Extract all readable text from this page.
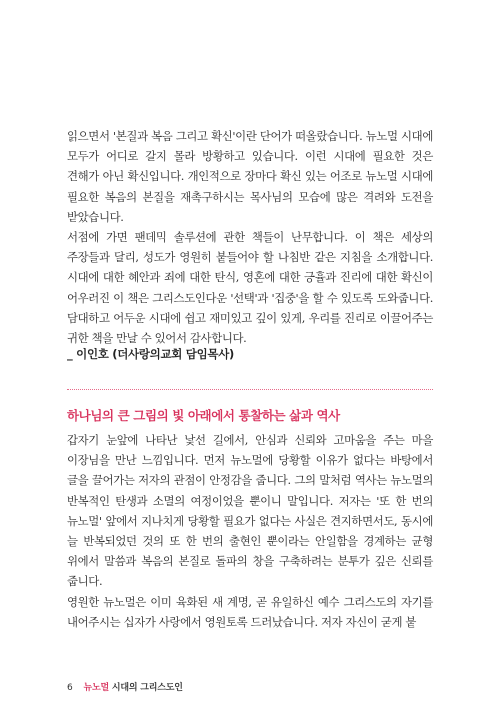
읽으면서 '본질과 복음 그리고 확신'이란 단어가 떠올랐습니다. 뉴노멀 시대에 모두가 어디로 갈지 몰라 방황하고 있습니다. 이런 시대에 필요한 것은 견해가 아닌 확신입니다. 개인적으로 장마다 확신 있는 어조로 뉴노멀 시대에 필요한 복음의 본질을 재촉구하시는 목사님의 모습에 많은 격려와 도전을 받았습니다.

서점에 가면 팬데믹 솔루션에 관한 책들이 난무합니다. 이 책은 세상의 주장들과 달리, 성도가 영원히 붙들어야 할 나침반 같은 지침을 소개합니다. 시대에 대한 혜안과 죄에 대한 탄식, 영혼에 대한 긍휼과 진리에 대한 확신이 어우러진 이 책은 그리스도인다운 '선택'과 '집중'을 할 수 있도록 도와줍니다. 담대하고 어두운 시대에 쉽고 재미있고 깊이 있게, 우리를 진리로 이끌어주는 귀한 책을 만날 수 있어서 감사합니다.

_ 이인호 (더사랑의교회 담임목사)
하나님의 큰 그림의 빛 아래에서 통찰하는 삶과 역사

갑자기 눈앞에 나타난 낯선 길에서, 안심과 신뢰와 고마움을 주는 마을 이장님을 만난 느낌입니다. 먼저 뉴노멀에 당황할 이유가 없다는 바탕에서 글을 끌어가는 저자의 관점이 안정감을 줍니다. 그의 말처럼 역사는 뉴노멀의 반복적인 탄생과 소멸의 여정이었을 뿐이니 말입니다. 저자는 '또 한 번의 뉴노멀' 앞에서 지나치게 당황할 필요가 없다는 사실은 견지하면서도, 동시에 늘 반복되었던 것의 또 한 번의 출현인 뿐이라는 안일함을 경계하는 균형 위에서 말씀과 복음의 본질로 돌파의 창을 구축하려는 분투가 깊은 신뢰를 줍니다.

영원한 뉴노멀은 이미 육화된 새 계명, 곧 유일하신 예수 그리스도의 자기를 내어주시는 십자가 사랑에서 영원토록 드러났습니다. 저자 자신이 굳게 붙

6 뉴노멀 시대의 그리스도인
